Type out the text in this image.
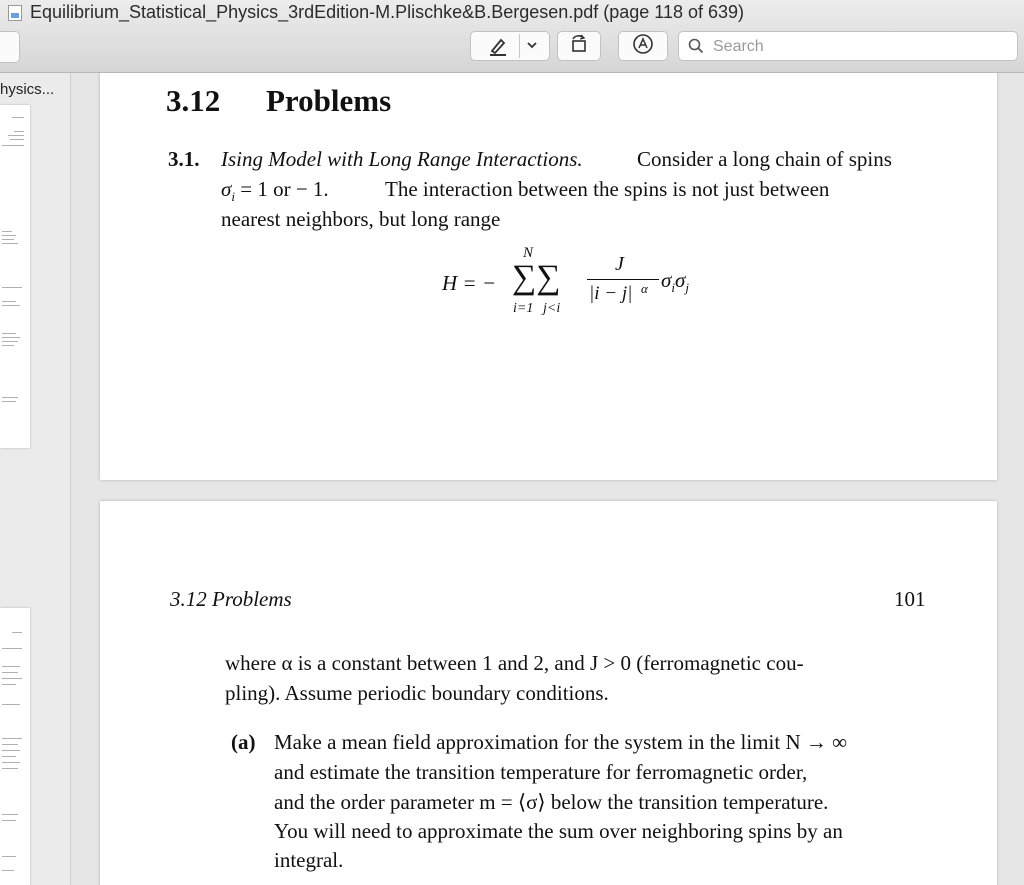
Equilibrium_Statistical_Physics_3rdEdition-M.Plischke&B.Bergesen.pdf (page 118 of 639)
Search
hysics...	3.12 Problems
3.1. Ising Model with Long Range Interactions.	Consider a long chain of spins
$\sigma_i = 1$ or − 1.	The interaction between the spins is not just between
nearest neighbors, but long range
H = −
N
∑∑
i=1 j<i
J
|i − j| α $\sigma_i\sigma_j$
3.12 Problems	101
where α is a constant between 1 and 2, and J > 0 (ferromagnetic cou-
pling). Assume periodic boundary conditions.
(a) Make a mean field approximation for the system in the limit N → ∞
and estimate the transition temperature for ferromagnetic order,
and the order parameter m = ⟨σ⟩ below the transition temperature.
You will need to approximate the sum over neighboring spins by an
integral.
